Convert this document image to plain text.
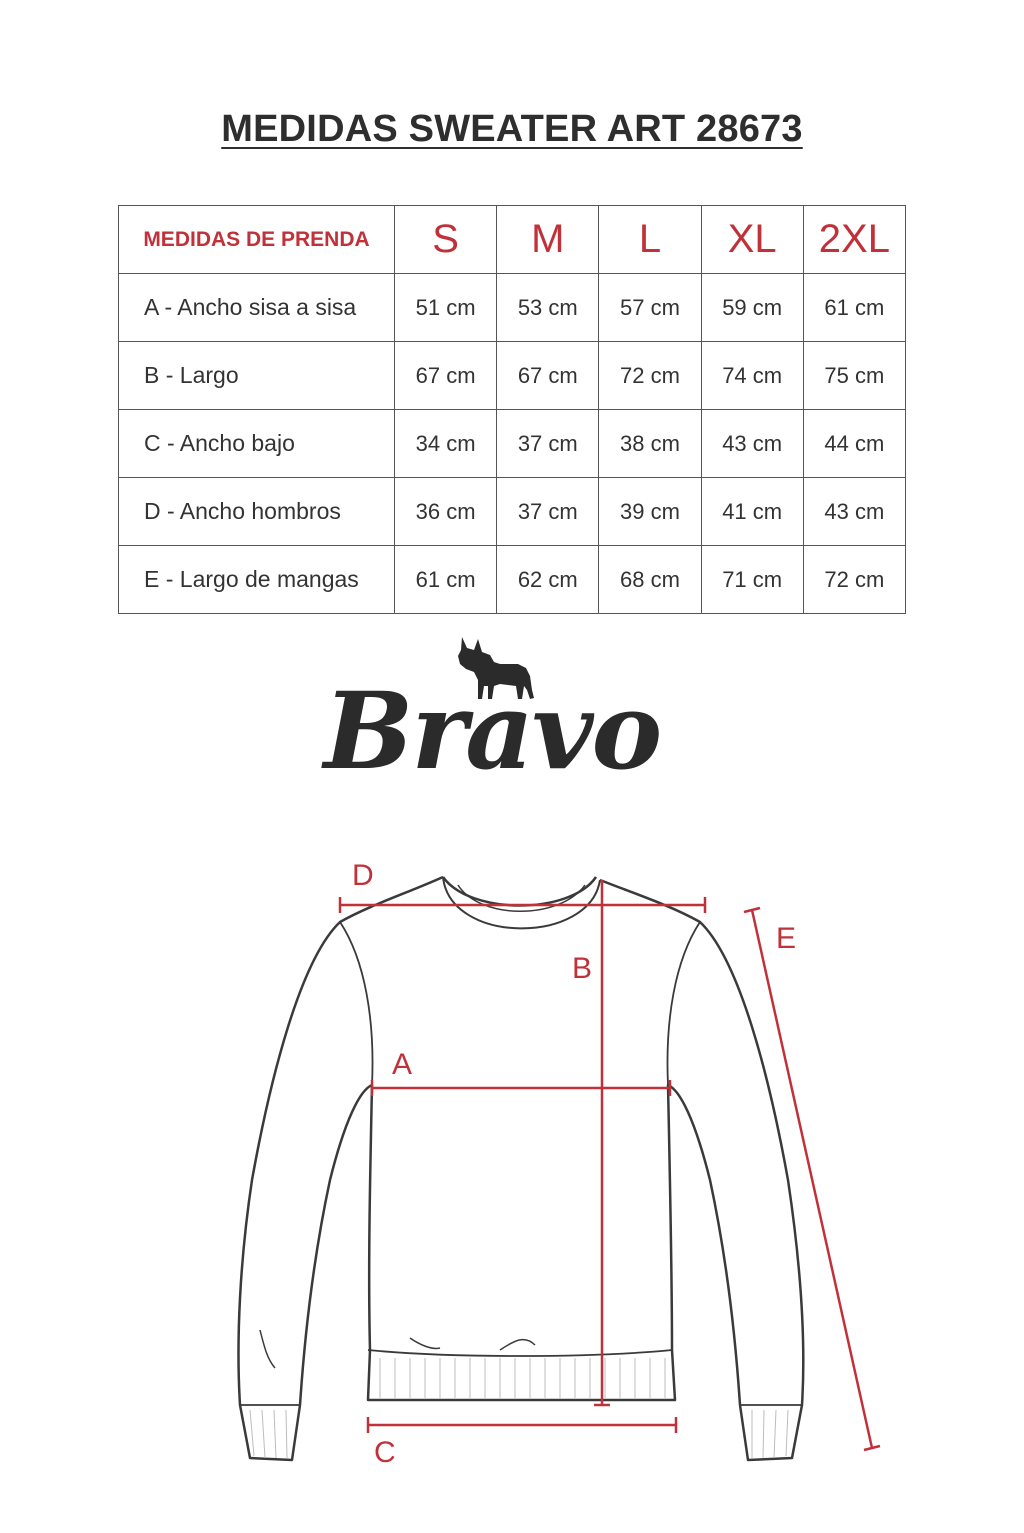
MEDIDAS SWEATER ART 28673
MEDIDAS DE PRENDA	S	M	L	XL	2XL
A - Ancho sisa a sisa	51 cm	53 cm	57 cm	59 cm	61 cm
B - Largo	67 cm	67 cm	72 cm	74 cm	75 cm
C - Ancho bajo	34 cm	37 cm	38 cm	43 cm	44 cm
D - Ancho hombros	36 cm	37 cm	39 cm	41 cm	43 cm
E - Largo de mangas	61 cm	62 cm	68 cm	71 cm	72 cm
Bravo
D
B
A
C
E
